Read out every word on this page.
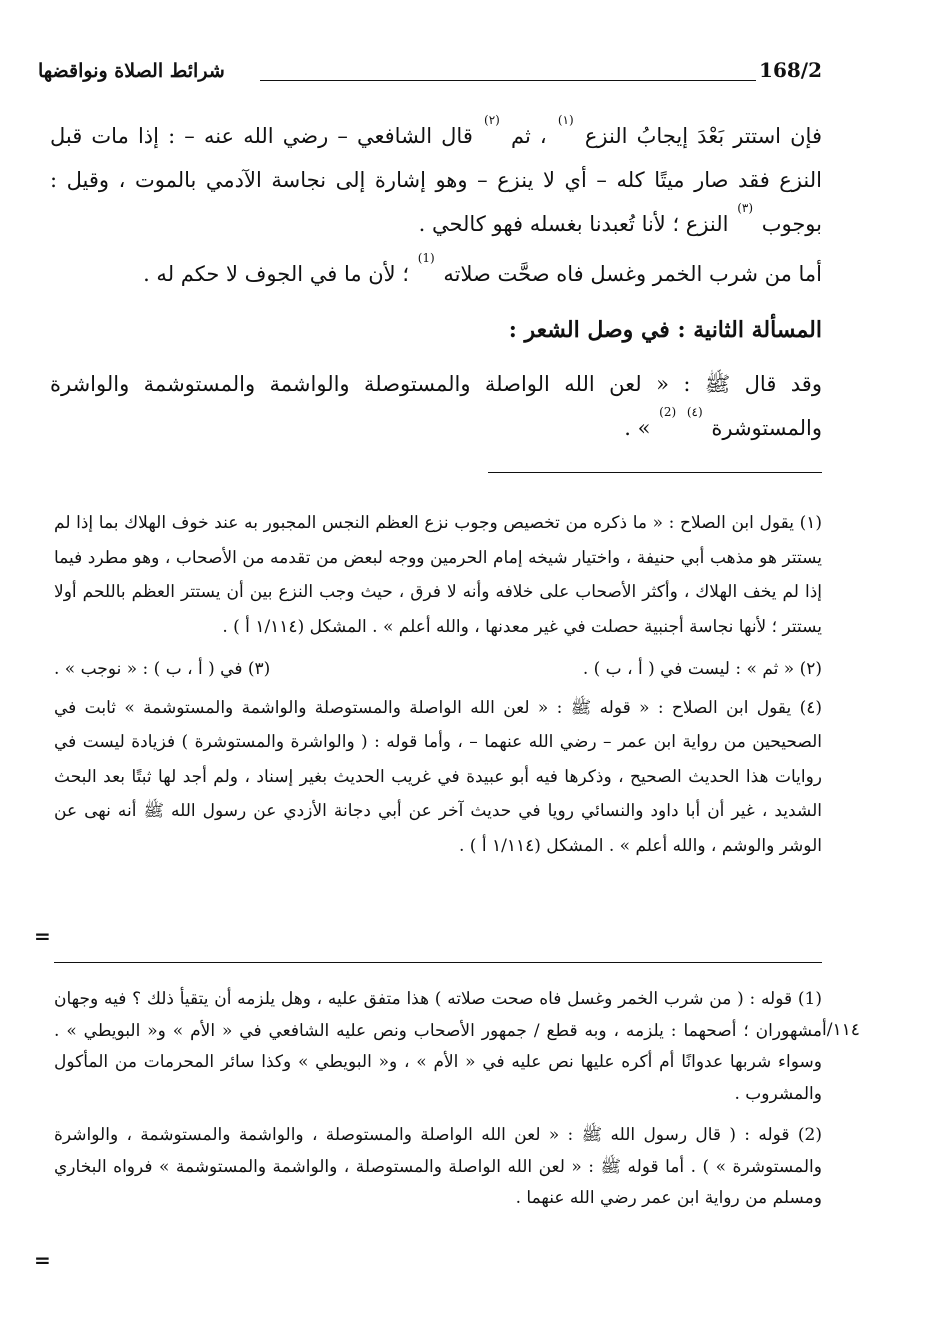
شرائط الصلاة ونواقضها	168/2

فإن استتر بَعْدَ إيجابُ النزع $^{(١)}$ ، ثم $^{(٢)}$ قال الشافعي – رضي الله عنه – : إذا مات قبل النزع فقد صار ميتًا كله – أي لا ينزع – وهو إشارة إلى نجاسة الآدمي بالموت ، وقيل : بوجوب $^{(٣)}$ النزع ؛ لأنا تُعبدنا بغسله فهو كالحي .

أما من شرب الخمر وغسل فاه صحَّت صلاته $^{(1)}$ ؛ لأن ما في الجوف لا حكم له .

المسألة الثانية : في وصل الشعر :

وقد قال ﷺ : « لعن الله الواصلة والمستوصلة والواشمة والمستوشمة والواشرة والمستوشرة $^{(٤)}$ $^{(2)}$ » .

(١) يقول ابن الصلاح : « ما ذكره من تخصيص وجوب نزع العظم النجس المجبور به عند خوف الهلاك بما إذا لم يستتر هو مذهب أبي حنيفة ، واختيار شيخه إمام الحرمين ووجه لبعض من تقدمه من الأصحاب ، وهو مطرد فيما إذا لم يخف الهلاك ، وأكثر الأصحاب على خلافه وأنه لا فرق ، حيث وجب النزع بين أن يستتر العظم باللحم أولا يستتر ؛ لأنها نجاسة أجنبية حصلت في غير معدنها ، والله أعلم » . المشكل (١/١١٤ أ ) .

(٢) « ثم » : ليست في ( أ ، ب ) .
(٣) في ( أ ، ب ) : « نوجب » .

(٤) يقول ابن الصلاح : « قوله ﷺ : « لعن الله الواصلة والمستوصلة والواشمة والمستوشمة » ثابت في الصحيحين من رواية ابن عمر – رضي الله عنهما – ، وأما قوله : ( والواشرة والمستوشرة ) فزيادة ليست في روايات هذا الحديث الصحيح ، وذكرها فيه أبو عبيدة في غريب الحديث بغير إسناد ، ولم أجد لها ثبتًا بعد البحث الشديد ، غير أن أبا داود والنسائي رويا في حديث آخر عن أبي دجانة الأزدي عن رسول الله ﷺ أنه نهى عن الوشر والوشم ، والله أعلم » . المشكل (١/١١٤ أ ) .

=

(1) قوله : ( من شرب الخمر وغسل فاه صحت صلاته ) هذا متفق عليه ، وهل يلزمه أن يتقيأ ذلك ؟ فيه وجهان مشهوران ؛ أصحهما : يلزمه ، وبه قطع / جمهور الأصحاب ونص عليه الشافعي في « الأم » و« البويطي » . وسواء شربها عدوانًا أم أكره عليها نص عليه في « الأم » ، و« البويطي » وكذا سائر المحرمات من المأكول والمشروب .

(2) قوله : ( قال رسول الله ﷺ : « لعن الله الواصلة والمستوصلة ، والواشمة والمستوشمة ، والواشرة والمستوشرة » ) . أما قوله ﷺ : « لعن الله الواصلة والمستوصلة ، والواشمة والمستوشمة » فرواه البخاري ومسلم من رواية ابن عمر رضي الله عنهما .

١١٤/أ
=
